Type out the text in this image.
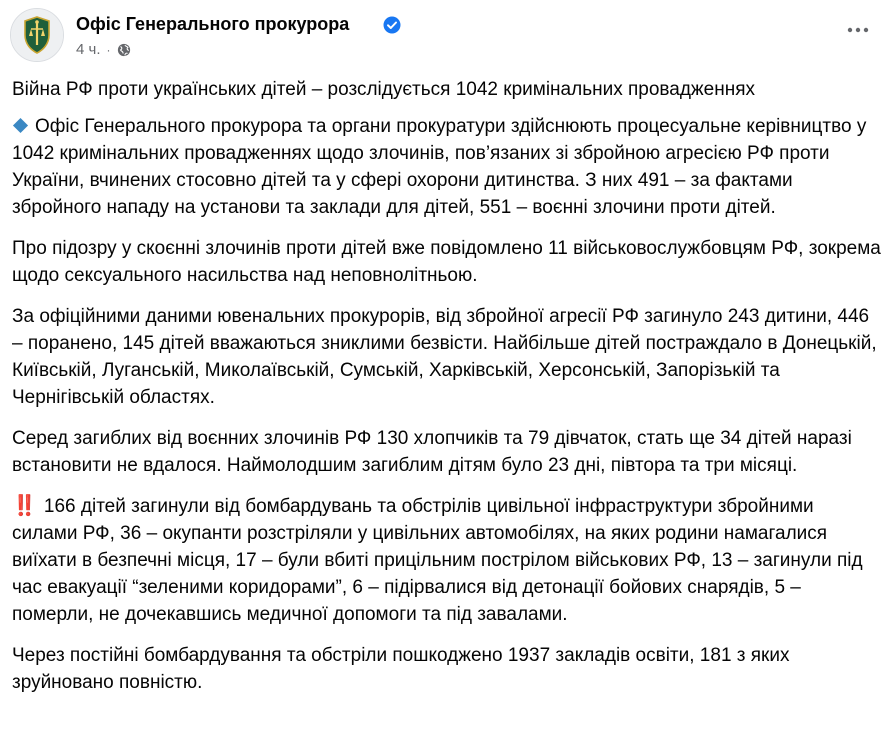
Офіс Генерального прокурора
4 ч. ·

Війна РФ проти українських дітей – розслідується 1042 кримінальних провадженнях

Офіс Генерального прокурора та органи прокуратури здійснюють процесуальне керівництво у 1042 кримінальних провадженнях щодо злочинів, пов’язаних зі збройною агресією РФ проти України, вчинених стосовно дітей та у сфері охорони дитинства. З них 491 – за фактами збройного нападу на установи та заклади для дітей, 551 – воєнні злочини проти дітей.

Про підозру у скоєнні злочинів проти дітей вже повідомлено 11 військовослужбовцям РФ, зокрема щодо сексуального насильства над неповнолітньою.

За офіційними даними ювенальних прокурорів, від збройної агресії РФ загинуло 243 дитини, 446 – поранено, 145 дітей вважаються зниклими безвісти. Найбільше дітей постраждало в Донецькій, Київській, Луганській, Миколаївській, Сумській, Харківській, Херсонській, Запорізькій та Чернігівській областях.

Серед загиблих від воєнних злочинів РФ 130 хлопчиків та 79 дівчаток, стать ще 34 дітей наразі встановити не вдалося. Наймолодшим загиблим дітям було 23 дні, півтора та три місяці.

‼️ 166 дітей загинули від бомбардувань та обстрілів цивільної інфраструктури збройними силами РФ, 36 – окупанти розстріляли у цивільних автомобілях, на яких родини намагалися виїхати в безпечні місця, 17 – були вбиті прицільним пострілом військових РФ, 13 – загинули під час евакуації “зеленими коридорами”, 6 – підірвалися від детонації бойових снарядів, 5 – померли, не дочекавшись медичної допомоги та під завалами.

Через постійні бомбардування та обстріли пошкоджено 1937 закладів освіти, 181 з яких зруйновано повністю.
